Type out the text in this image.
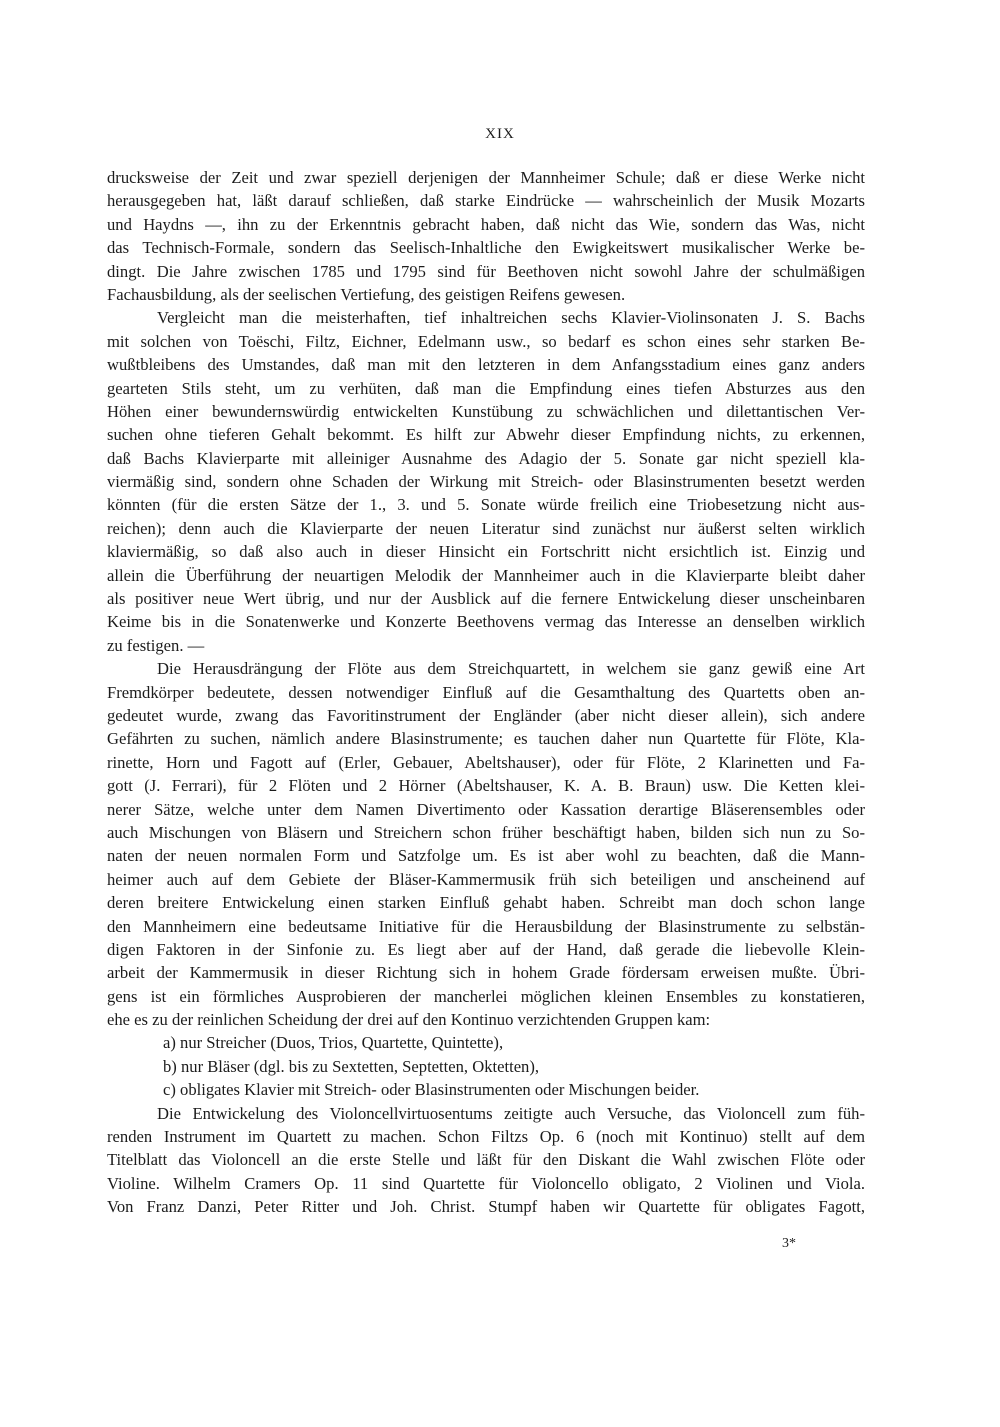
XIX
drucksweise der Zeit und zwar speziell derjenigen der Mannheimer Schule; daß er diese Werke nicht
herausgegeben hat, läßt darauf schließen, daß starke Eindrücke — wahrscheinlich der Musik Mozarts
und Haydns —, ihn zu der Erkenntnis gebracht haben, daß nicht das Wie, sondern das Was, nicht
das Technisch-Formale, sondern das Seelisch-Inhaltliche den Ewigkeitswert musikalischer Werke be-
dingt. Die Jahre zwischen 1785 und 1795 sind für Beethoven nicht sowohl Jahre der schulmäßigen
Fachausbildung, als der seelischen Vertiefung, des geistigen Reifens gewesen.
Vergleicht man die meisterhaften, tief inhaltreichen sechs Klavier-Violinsonaten J. S. Bachs
mit solchen von Toëschi, Filtz, Eichner, Edelmann usw., so bedarf es schon eines sehr starken Be-
wußtbleibens des Umstandes, daß man mit den letzteren in dem Anfangsstadium eines ganz anders
gearteten Stils steht, um zu verhüten, daß man die Empfindung eines tiefen Absturzes aus den
Höhen einer bewundernswürdig entwickelten Kunstübung zu schwächlichen und dilettantischen Ver-
suchen ohne tieferen Gehalt bekommt. Es hilft zur Abwehr dieser Empfindung nichts, zu erkennen,
daß Bachs Klavierparte mit alleiniger Ausnahme des Adagio der 5. Sonate gar nicht speziell kla-
viermäßig sind, sondern ohne Schaden der Wirkung mit Streich- oder Blasinstrumenten besetzt werden
könnten (für die ersten Sätze der 1., 3. und 5. Sonate würde freilich eine Triobesetzung nicht aus-
reichen); denn auch die Klavierparte der neuen Literatur sind zunächst nur äußerst selten wirklich
klaviermäßig, so daß also auch in dieser Hinsicht ein Fortschritt nicht ersichtlich ist. Einzig und
allein die Überführung der neuartigen Melodik der Mannheimer auch in die Klavierparte bleibt daher
als positiver neue Wert übrig, und nur der Ausblick auf die fernere Entwickelung dieser unscheinbaren
Keime bis in die Sonatenwerke und Konzerte Beethovens vermag das Interesse an denselben wirklich
zu festigen. —
Die Herausdrängung der Flöte aus dem Streichquartett, in welchem sie ganz gewiß eine Art
Fremdkörper bedeutete, dessen notwendiger Einfluß auf die Gesamthaltung des Quartetts oben an-
gedeutet wurde, zwang das Favoritinstrument der Engländer (aber nicht dieser allein), sich andere
Gefährten zu suchen, nämlich andere Blasinstrumente; es tauchen daher nun Quartette für Flöte, Kla-
rinette, Horn und Fagott auf (Erler, Gebauer, Abeltshauser), oder für Flöte, 2 Klarinetten und Fa-
gott (J. Ferrari), für 2 Flöten und 2 Hörner (Abeltshauser, K. A. B. Braun) usw. Die Ketten klei-
nerer Sätze, welche unter dem Namen Divertimento oder Kassation derartige Bläserensembles oder
auch Mischungen von Bläsern und Streichern schon früher beschäftigt haben, bilden sich nun zu So-
naten der neuen normalen Form und Satzfolge um. Es ist aber wohl zu beachten, daß die Mann-
heimer auch auf dem Gebiete der Bläser-Kammermusik früh sich beteiligen und anscheinend auf
deren breitere Entwickelung einen starken Einfluß gehabt haben. Schreibt man doch schon lange
den Mannheimern eine bedeutsame Initiative für die Herausbildung der Blasinstrumente zu selbstän-
digen Faktoren in der Sinfonie zu. Es liegt aber auf der Hand, daß gerade die liebevolle Klein-
arbeit der Kammermusik in dieser Richtung sich in hohem Grade fördersam erweisen mußte. Übri-
gens ist ein förmliches Ausprobieren der mancherlei möglichen kleinen Ensembles zu konstatieren,
ehe es zu der reinlichen Scheidung der drei auf den Kontinuo verzichtenden Gruppen kam:
a) nur Streicher (Duos, Trios, Quartette, Quintette),
b) nur Bläser (dgl. bis zu Sextetten, Septetten, Oktetten),
c) obligates Klavier mit Streich- oder Blasinstrumenten oder Mischungen beider.
Die Entwickelung des Violoncellvirtuosentums zeitigte auch Versuche, das Violoncell zum füh-
renden Instrument im Quartett zu machen. Schon Filtzs Op. 6 (noch mit Kontinuo) stellt auf dem
Titelblatt das Violoncell an die erste Stelle und läßt für den Diskant die Wahl zwischen Flöte oder
Violine. Wilhelm Cramers Op. 11 sind Quartette für Violoncello obligato, 2 Violinen und Viola.
Von Franz Danzi, Peter Ritter und Joh. Christ. Stumpf haben wir Quartette für obligates Fagott,
3*
